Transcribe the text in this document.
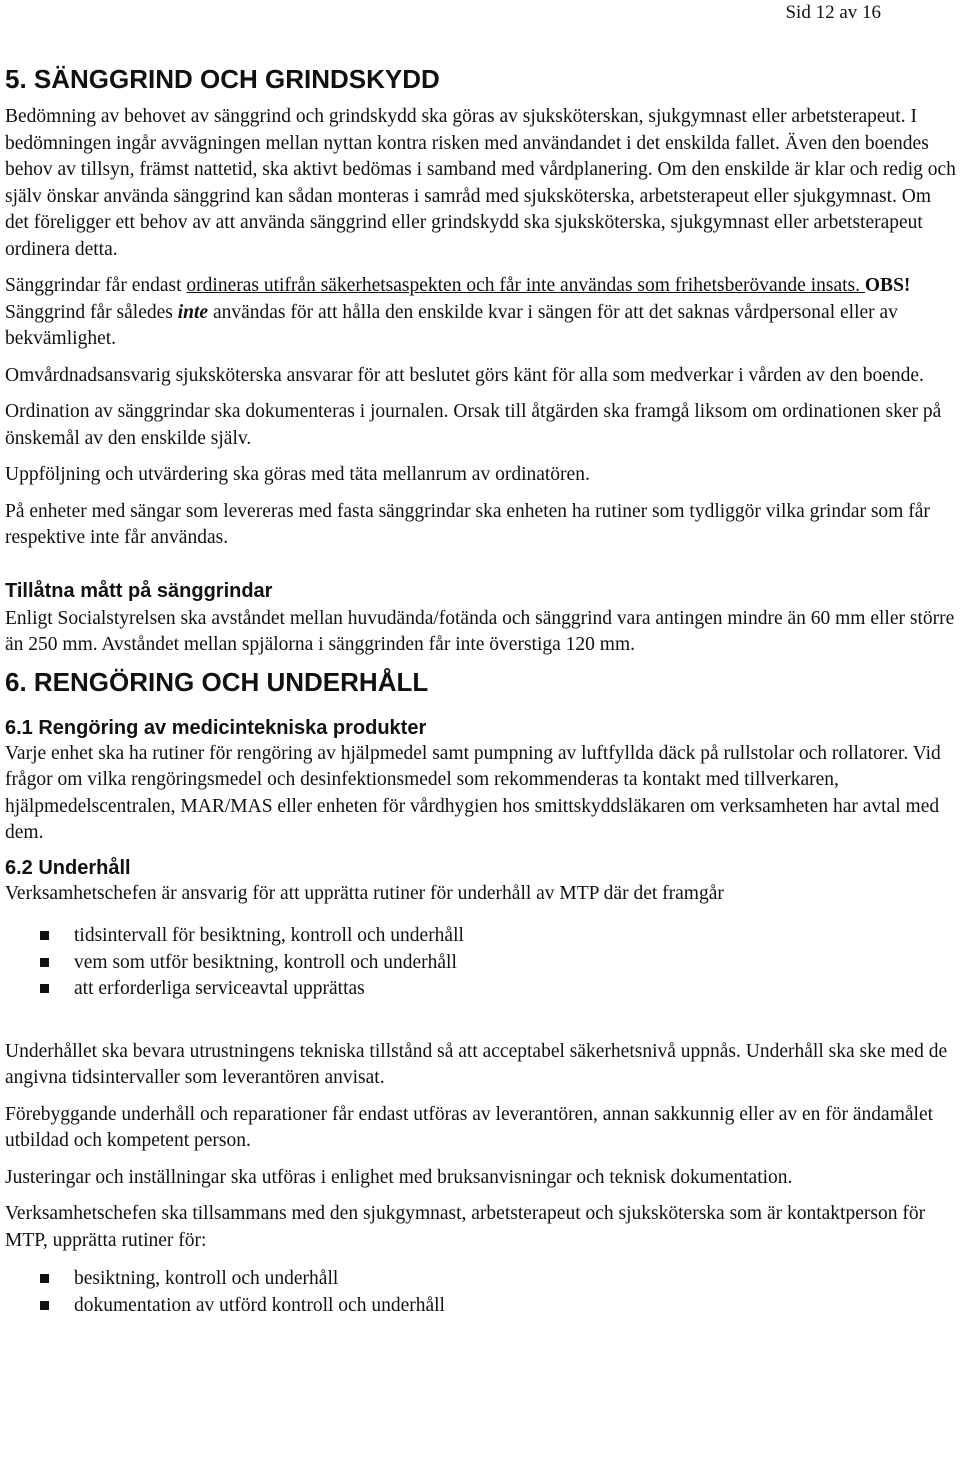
Sid 12 av 16
5. SÄNGGRIND OCH GRINDSKYDD

Bedömning av behovet av sänggrind och grindskydd ska göras av sjuksköterskan, sjukgymnast eller arbetsterapeut. I bedömningen ingår avvägningen mellan nyttan kontra risken med användandet i det enskilda fallet. Även den boendes behov av tillsyn, främst nattetid, ska aktivt bedömas i samband med vårdplanering. Om den enskilde är klar och redig och själv önskar använda sänggrind kan sådan monteras i samråd med sjuksköterska, arbetsterapeut eller sjukgymnast. Om det föreligger ett behov av att använda sänggrind eller grindskydd ska sjuksköterska, sjukgymnast eller arbetsterapeut ordinera detta.

Sänggrindar får endast ordineras utifrån säkerhetsaspekten och får inte användas som frihetsberövande insats. OBS! Sänggrind får således inte användas för att hålla den enskilde kvar i sängen för att det saknas vårdpersonal eller av bekvämlighet.

Omvårdnadsansvarig sjuksköterska ansvarar för att beslutet görs känt för alla som medverkar i vården av den boende.

Ordination av sänggrindar ska dokumenteras i journalen. Orsak till åtgärden ska framgå liksom om ordinationen sker på önskemål av den enskilde själv.

Uppföljning och utvärdering ska göras med täta mellanrum av ordinatören.

På enheter med sängar som levereras med fasta sänggrindar ska enheten ha rutiner som tydliggör vilka grindar som får respektive inte får användas.

Tillåtna mått på sänggrindar

Enligt Socialstyrelsen ska avståndet mellan huvudända/fotända och sänggrind vara antingen mindre än 60 mm eller större än 250 mm. Avståndet mellan spjälorna i sänggrinden får inte överstiga 120 mm.

6. RENGÖRING OCH UNDERHÅLL
6.1 Rengöring av medicintekniska produkter

Varje enhet ska ha rutiner för rengöring av hjälpmedel samt pumpning av luftfyllda däck på rullstolar och rollatorer. Vid frågor om vilka rengöringsmedel och desinfektionsmedel som rekommenderas ta kontakt med tillverkaren, hjälpmedelscentralen, MAR/MAS eller enheten för vårdhygien hos smittskyddsläkaren om verksamheten har avtal med dem.

6.2 Underhåll

Verksamhetschefen är ansvarig för att upprätta rutiner för underhåll av MTP där det framgår

tidsintervall för besiktning, kontroll och underhåll
vem som utför besiktning, kontroll och underhåll
att erforderliga serviceavtal upprättas

Underhållet ska bevara utrustningens tekniska tillstånd så att acceptabel säkerhetsnivå uppnås. Underhåll ska ske med de angivna tidsintervaller som leverantören anvisat.

Förebyggande underhåll och reparationer får endast utföras av leverantören, annan sakkunnig eller av en för ändamålet utbildad och kompetent person.

Justeringar och inställningar ska utföras i enlighet med bruksanvisningar och teknisk dokumentation.

Verksamhetschefen ska tillsammans med den sjukgymnast, arbetsterapeut och sjuksköterska som är kontaktperson för MTP, upprätta rutiner för:

besiktning, kontroll och underhåll
dokumentation av utförd kontroll och underhåll
